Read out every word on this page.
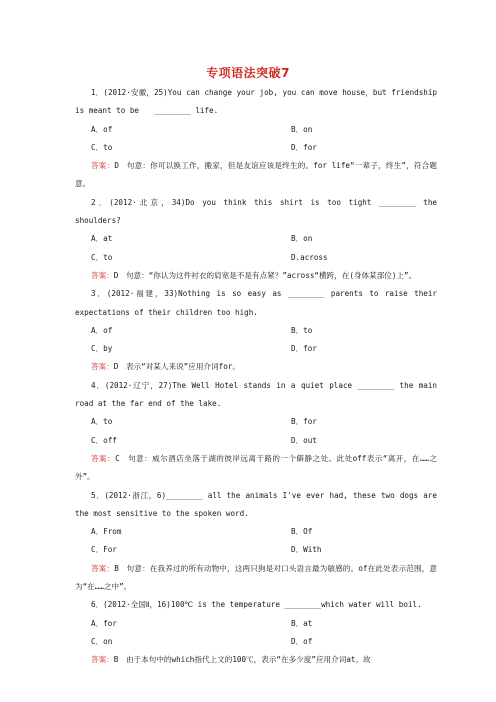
专项语法突破7

1．(2012·安徽，25)You can change your job, you can move house，but friendship is meant to be　　________ life.

A．of	B．on
C．to	D．for

答案：D　句意：你可以换工作，搬家，但是友谊应该是终生的。for life“一辈子，终生”，符合题意。

2．(2012·北京，34)Do you think this shirt is too tight ________ the shoulders?

A．at	B．on
C．to	D.across

答案：D　句意：“你认为这件衬衣的肩宽是不是有点紧？”across“横跨，在(身体某部位)上”。

3．(2012·福建，33)Nothing is so easy as ________ parents to raise their expectations of their children too high.

A．of	B．to
C．by	D．for

答案：D　表示“对某人来说”应用介词for。

4．(2012·辽宁，27)The Well Hotel stands in a quiet place ________ the main road at the far end of the lake.

A．to	B．for
C．off	D．out

答案：C　句意：威尔酒店坐落于湖的彼岸远离干路的一个僻静之处。此处off表示“离开，在……之外”。

5．(2012·浙江，6)________ all the animals I've ever had, these two dogs are the most sensitive to the spoken word.

A．From	B．Of
C．For	D．With

答案：B　句意：在我养过的所有动物中，这两只狗是对口头语言最为敏感的。of在此处表示范围，意为“在……之中”。

6．(2012·全国Ⅱ，16)100℃ is the temperature ________which water will boil.

A．for	B．at
C．on	D．of

答案：B　由于本句中的which指代上文的100℃，表示“在多少度”应用介词at。故
